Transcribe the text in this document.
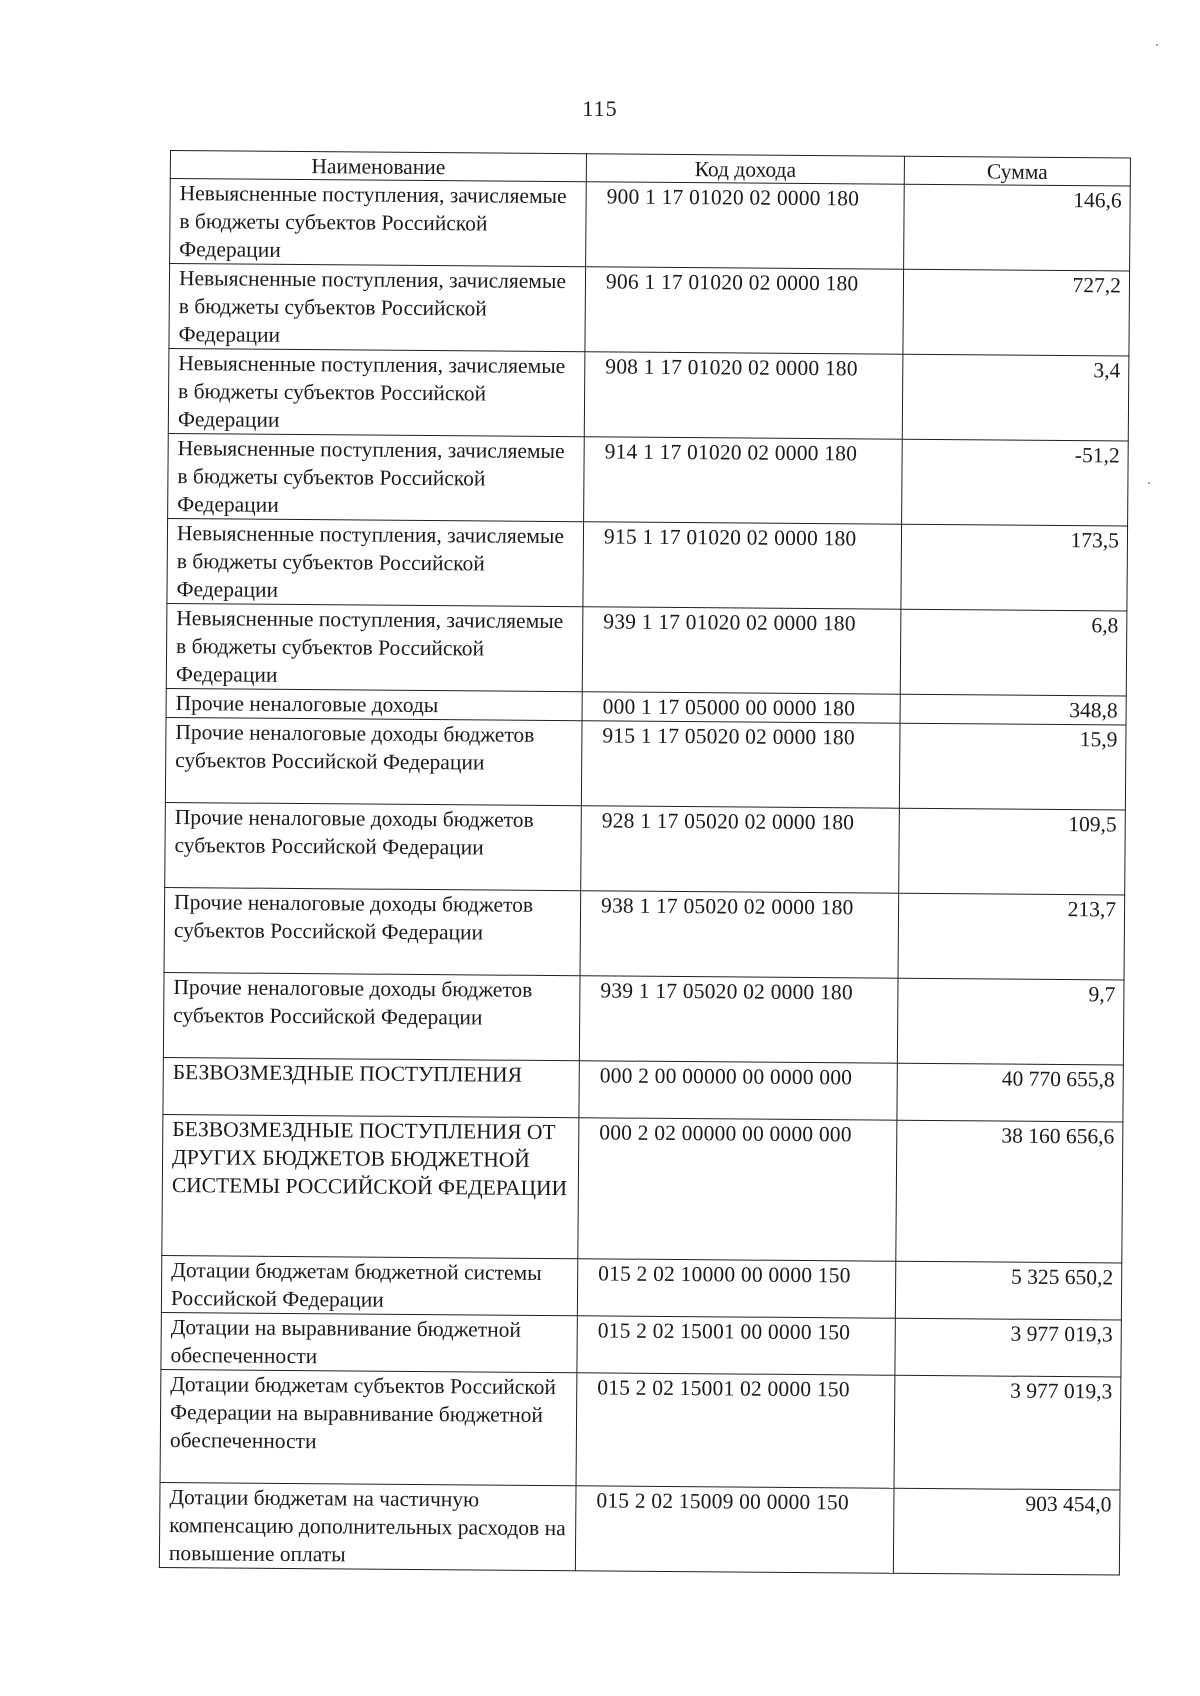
115
Наименование	Код дохода	Сумма
Невыясненные поступления, зачисляемые в бюджеты субъектов Российской Федерации	900 1 17 01020 02 0000 180	146,6
Невыясненные поступления, зачисляемые в бюджеты субъектов Российской Федерации	906 1 17 01020 02 0000 180	727,2
Невыясненные поступления, зачисляемые в бюджеты субъектов Российской Федерации	908 1 17 01020 02 0000 180	3,4
Невыясненные поступления, зачисляемые в бюджеты субъектов Российской Федерации	914 1 17 01020 02 0000 180	-51,2
Невыясненные поступления, зачисляемые в бюджеты субъектов Российской Федерации	915 1 17 01020 02 0000 180	173,5
Невыясненные поступления, зачисляемые в бюджеты субъектов Российской Федерации	939 1 17 01020 02 0000 180	6,8
Прочие неналоговые доходы	000 1 17 05000 00 0000 180	348,8
Прочие неналоговые доходы бюджетов субъектов Российской Федерации	915 1 17 05020 02 0000 180	15,9
Прочие неналоговые доходы бюджетов субъектов Российской Федерации	928 1 17 05020 02 0000 180	109,5
Прочие неналоговые доходы бюджетов субъектов Российской Федерации	938 1 17 05020 02 0000 180	213,7
Прочие неналоговые доходы бюджетов субъектов Российской Федерации	939 1 17 05020 02 0000 180	9,7
БЕЗВОЗМЕЗДНЫЕ ПОСТУПЛЕНИЯ	000 2 00 00000 00 0000 000	40 770 655,8
БЕЗВОЗМЕЗДНЫЕ ПОСТУПЛЕНИЯ ОТ ДРУГИХ БЮДЖЕТОВ БЮДЖЕТНОЙ СИСТЕМЫ РОССИЙСКОЙ ФЕДЕРАЦИИ	000 2 02 00000 00 0000 000	38 160 656,6
Дотации бюджетам бюджетной системы Российской Федерации	015 2 02 10000 00 0000 150	5 325 650,2
Дотации на выравнивание бюджетной обеспеченности	015 2 02 15001 00 0000 150	3 977 019,3
Дотации бюджетам субъектов Российской Федерации на выравнивание бюджетной обеспеченности	015 2 02 15001 02 0000 150	3 977 019,3
Дотации бюджетам на частичную компенсацию дополнительных расходов на повышение оплаты	015 2 02 15009 00 0000 150	903 454,0
